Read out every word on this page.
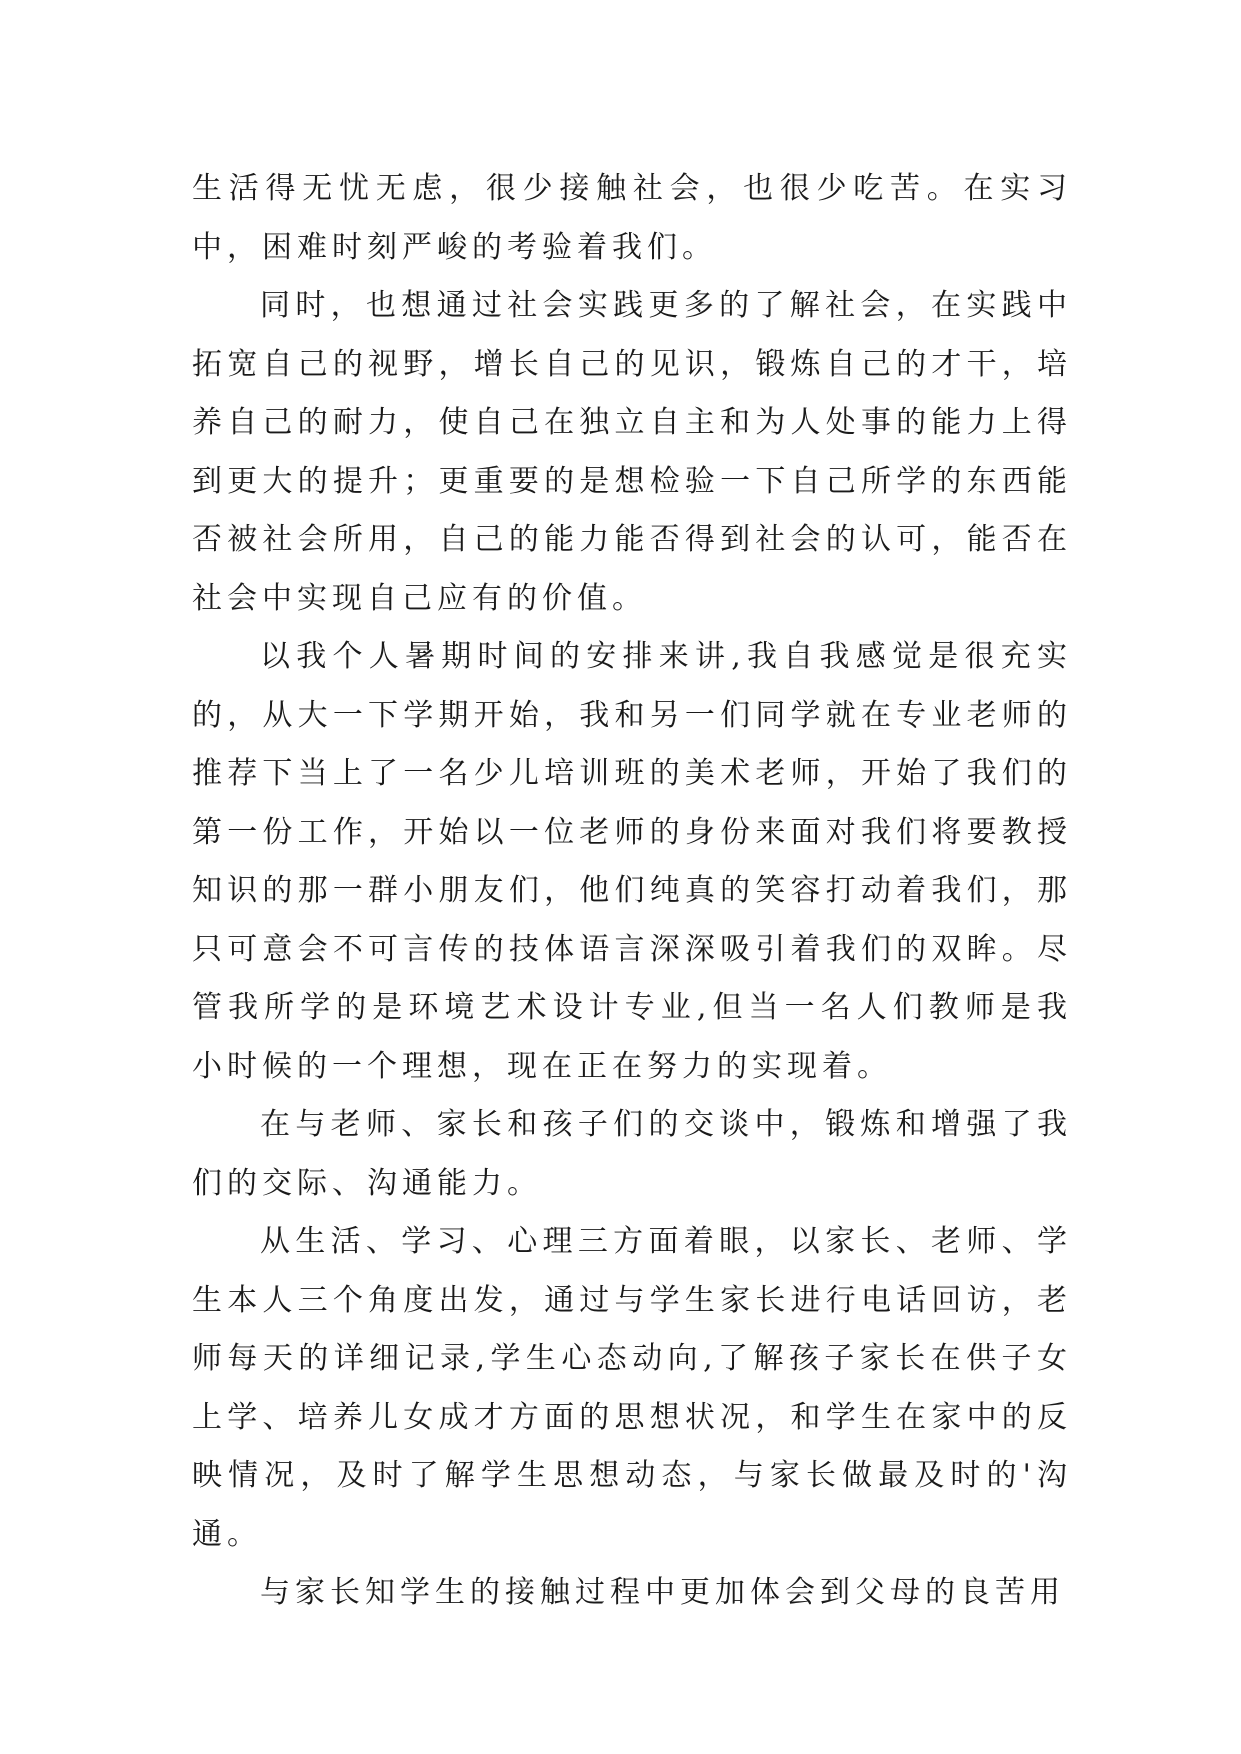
生活得无忧无虑，很少接触社会，也很少吃苦。在实习中，困难时刻严峻的考验着我们。

同时，也想通过社会实践更多的了解社会，在实践中拓宽自己的视野，增长自己的见识，锻炼自己的才干，培养自己的耐力，使自己在独立自主和为人处事的能力上得到更大的提升；更重要的是想检验一下自己所学的东西能否被社会所用，自己的能力能否得到社会的认可，能否在社会中实现自己应有的价值。

以我个人暑期时间的安排来讲,我自我感觉是很充实的，从大一下学期开始，我和另一们同学就在专业老师的推荐下当上了一名少儿培训班的美术老师，开始了我们的第一份工作，开始以一位老师的身份来面对我们将要教授知识的那一群小朋友们，他们纯真的笑容打动着我们，那只可意会不可言传的技体语言深深吸引着我们的双眸。尽管我所学的是环境艺术设计专业,但当一名人们教师是我小时候的一个理想，现在正在努力的实现着。

在与老师、家长和孩子们的交谈中，锻炼和增强了我们的交际、沟通能力。

从生活、学习、心理三方面着眼，以家长、老师、学生本人三个角度出发，通过与学生家长进行电话回访，老师每天的详细记录,学生心态动向,了解孩子家长在供子女上学、培养儿女成才方面的思想状况，和学生在家中的反映情况，及时了解学生思想动态，与家长做最及时的'沟通。

与家长知学生的接触过程中更加体会到父母的良苦用
